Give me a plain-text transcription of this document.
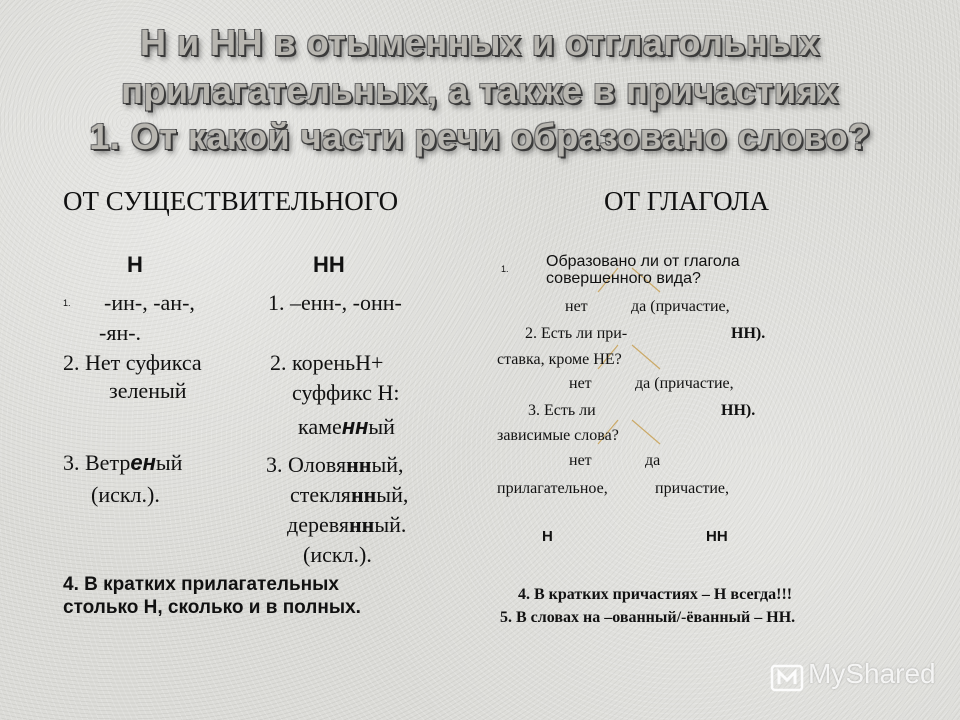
Н и НН в отыменных и отглагольных
прилагательных, а также в причастиях
1. От какой части речи образовано слово?
ОТ СУЩЕСТВИТЕЛЬНОГО	ОТ ГЛАГОЛА
Н	НН
1. -ин-, -ан-,	1. –енн-, -онн-
-ян-.
2. Нет суфикса	2. кореньН+
зеленый	суффикс Н:
каменный
3. Ветреный
(искл.).
3. Оловянный,
стеклянный,
деревянный.
(искл.).
4. В кратких прилагательных
столько Н, сколько и в полных.
1. Образовано ли от глагола
совершенного вида?
нет	да (причастие,
2. Есть ли при-	НН).
ставка, кроме НЕ?
нет	да (причастие,
3. Есть ли	НН).
зависимые слова?
нет	да
прилагательное,	причастие,
Н	НН
4. В кратких причастиях – Н всегда!!!
5. В словах на –ованный/-ёванный – НН.
MyShared
